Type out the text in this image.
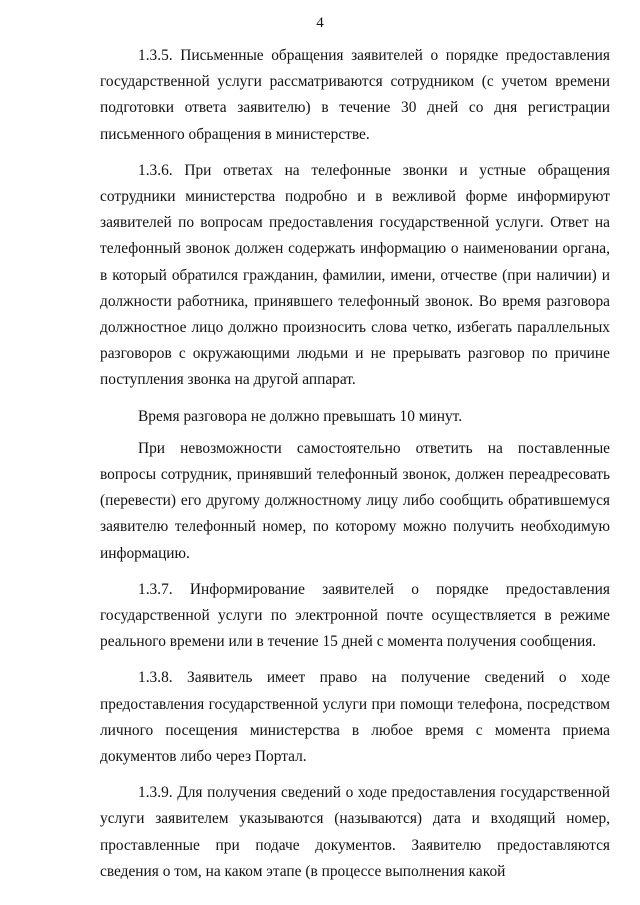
4

1.3.5. Письменные обращения заявителей о порядке предоставления государственной услуги рассматриваются сотрудником (с учетом времени подготовки ответа заявителю) в течение 30 дней со дня регистрации письменного обращения в министерстве.

1.3.6. При ответах на телефонные звонки и устные обращения сотрудники министерства подробно и в вежливой форме информируют заявителей по вопросам предоставления государственной услуги. Ответ на телефонный звонок должен содержать информацию о наименовании органа, в который обратился гражданин, фамилии, имени, отчестве (при наличии) и должности работника, принявшего телефонный звонок. Во время разговора должностное лицо должно произносить слова четко, избегать параллельных разговоров с окружающими людьми и не прерывать разговор по причине поступления звонка на другой аппарат.

Время разговора не должно превышать 10 минут.

При невозможности самостоятельно ответить на поставленные вопросы сотрудник, принявший телефонный звонок, должен переадресовать (перевести) его другому должностному лицу либо сообщить обратившемуся заявителю телефонный номер, по которому можно получить необходимую информацию.

1.3.7. Информирование заявителей о порядке предоставления государственной услуги по электронной почте осуществляется в режиме реального времени или в течение 15 дней с момента получения сообщения.

1.3.8. Заявитель имеет право на получение сведений о ходе предоставления государственной услуги при помощи телефона, посредством личного посещения министерства в любое время с момента приема документов либо через Портал.

1.3.9. Для получения сведений о ходе предоставления государственной услуги заявителем указываются (называются) дата и входящий номер, проставленные при подаче документов. Заявителю предоставляются сведения о том, на каком этапе (в процессе выполнения какой
